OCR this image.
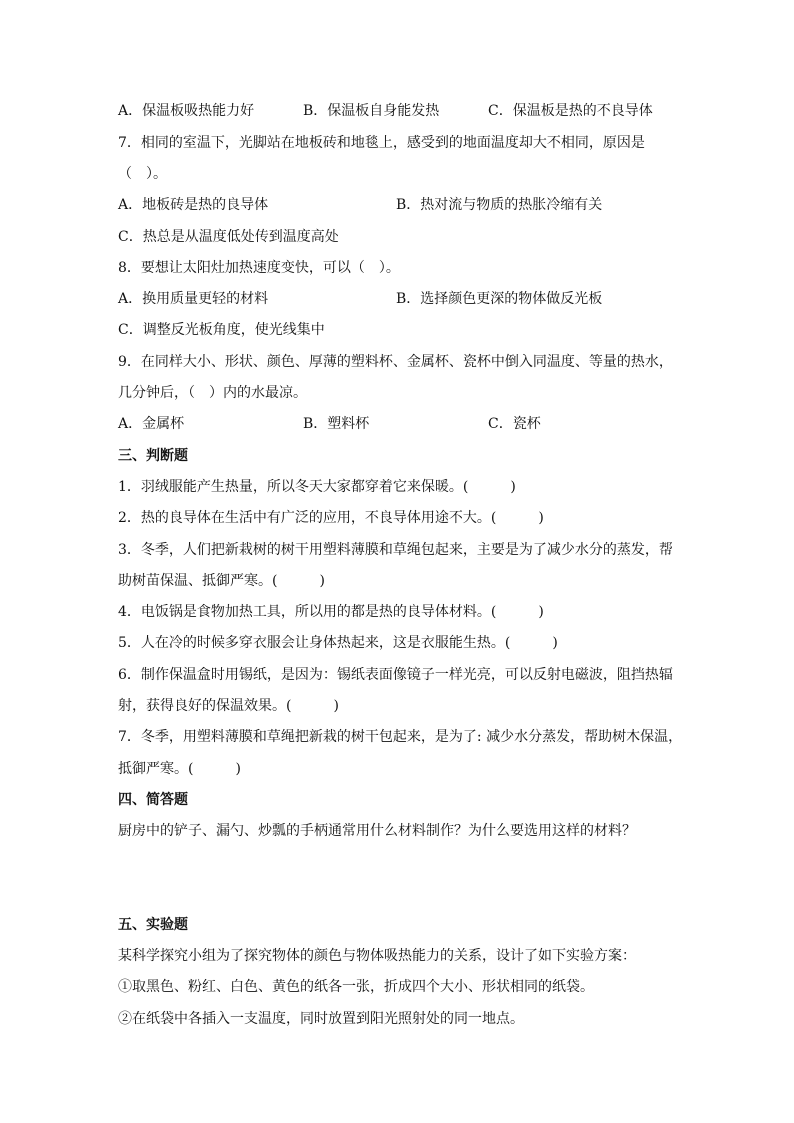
A．保温板吸热能力好	B．保温板自身能发热	C．保温板是热的不良导体
7．相同的室温下，光脚站在地板砖和地毯上，感受到的地面温度却大不相同，原因是
（　）。
A．地板砖是热的良导体	B．热对流与物质的热胀冷缩有关
C．热总是从温度低处传到温度高处
8．要想让太阳灶加热速度变快，可以（　）。
A．换用质量更轻的材料	B．选择颜色更深的物体做反光板
C．调整反光板角度，使光线集中
9．在同样大小、形状、颜色、厚薄的塑料杯、金属杯、瓷杯中倒入同温度、等量的热水，
几分钟后，（　）内的水最凉。
A．金属杯	B．塑料杯	C．瓷杯
三、判断题
1．羽绒服能产生热量，所以冬天大家都穿着它来保暖。(　　　)
2．热的良导体在生活中有广泛的应用，不良导体用途不大。(　　　)
3．冬季，人们把新栽树的树干用塑料薄膜和草绳包起来，主要是为了减少水分的蒸发，帮
助树苗保温、抵御严寒。(　　　)
4．电饭锅是食物加热工具，所以用的都是热的良导体材料。(　　　)
5．人在冷的时候多穿衣服会让身体热起来，这是衣服能生热。(　　　)
6．制作保温盒时用锡纸，是因为：锡纸表面像镜子一样光亮，可以反射电磁波，阻挡热辐
射，获得良好的保温效果。(　　　)
7．冬季，用塑料薄膜和草绳把新栽的树干包起来，是为了: 减少水分蒸发，帮助树木保温，
抵御严寒。(　　　)
四、简答题
厨房中的铲子、漏勺、炒瓢的手柄通常用什么材料制作？为什么要选用这样的材料？
五、实验题
某科学探究小组为了探究物体的颜色与物体吸热能力的关系，设计了如下实验方案：
①取黑色、粉红、白色、黄色的纸各一张，折成四个大小、形状相同的纸袋。
②在纸袋中各插入一支温度，同时放置到阳光照射处的同一地点。
